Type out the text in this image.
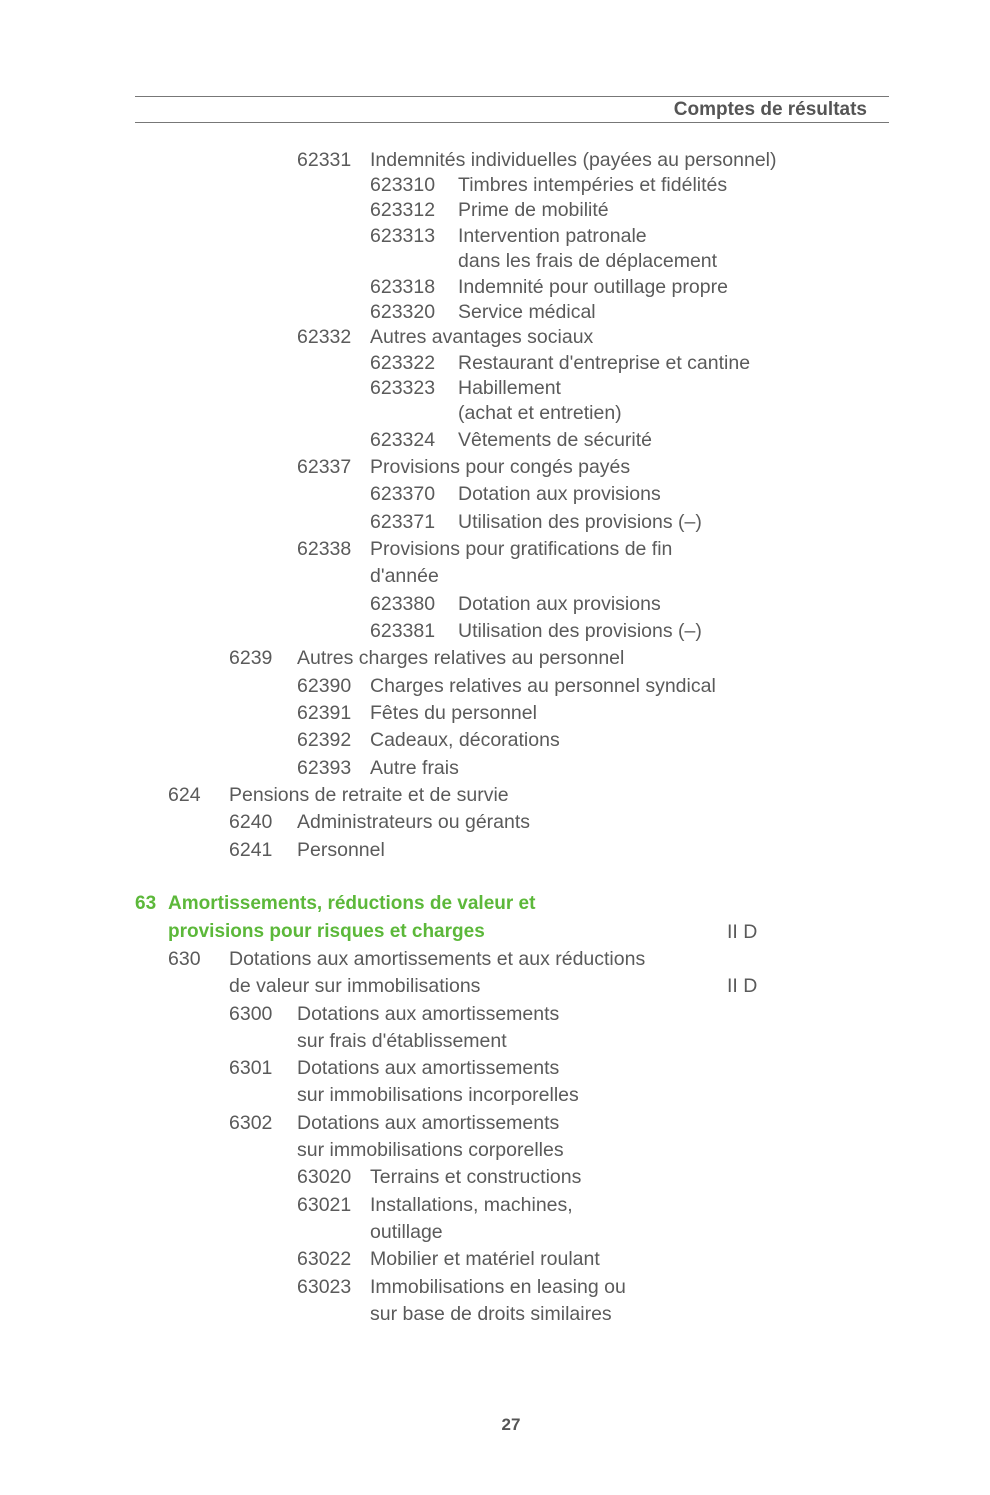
Comptes de résultats
62331 Indemnités individuelles (payées au personnel)
623310 Timbres intempéries et fidélités
623312 Prime de mobilité
623313 Intervention patronale
dans les frais de déplacement
623318 Indemnité pour outillage propre
623320 Service médical
62332 Autres avantages sociaux
623322 Restaurant d'entreprise et cantine
623323 Habillement
(achat et entretien)
623324 Vêtements de sécurité
62337 Provisions pour congés payés
623370 Dotation aux provisions
623371 Utilisation des provisions (–)
62338 Provisions pour gratifications de fin
d'année
623380 Dotation aux provisions
623381 Utilisation des provisions (–)
6239 Autres charges relatives au personnel
62390 Charges relatives au personnel syndical
62391 Fêtes du personnel
62392 Cadeaux, décorations
62393 Autre frais
624 Pensions de retraite et de survie
6240 Administrateurs ou gérants
6241 Personnel
63 Amortissements, réductions de valeur et
provisions pour risques et charges	II D
630 Dotations aux amortissements et aux réductions
de valeur sur immobilisations	II D
6300 Dotations aux amortissements
sur frais d'établissement
6301 Dotations aux amortissements
sur immobilisations incorporelles
6302 Dotations aux amortissements
sur immobilisations corporelles
63020 Terrains et constructions
63021 Installations, machines,
outillage
63022 Mobilier et matériel roulant
63023 Immobilisations en leasing ou
sur base de droits similaires
27
